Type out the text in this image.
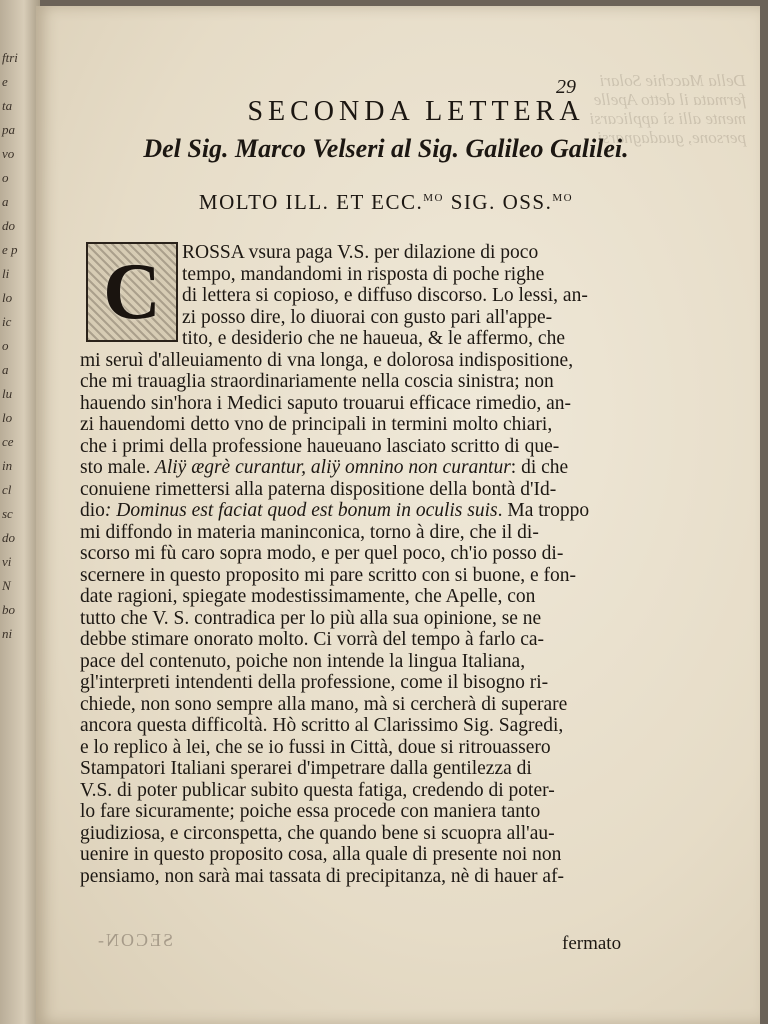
ftri
e
ta
pa
vo
o
a
do
e p
li
lo
ic
o
a
lu
lo
ce
in
cl
sc
do
vi
N
bo
ni
Della Macchie Solari
fermata il detto Apelle
mente alli sì applicarsi
persone, guadagnarsi

29

SECONDA LETTERA
Del Sig. Marco Velseri al Sig. Galileo Galilei.

MOLTO ILL. ET ECC.$^{MO}$ SIG. OSS.$^{MO}$

C	ROSSA vsura paga V.S. per dilazione di poco
tempo, mandandomi in risposta di poche righe
di lettera si copioso, e diffuso discorso. Lo lessi, an-
zi posso dire, lo diuorai con gusto pari all'appe-
tito, e desiderio che ne haueua, & le affermo, che
mi seruì d'alleuiamento di vna longa, e dolorosa indispositione,
che mi trauaglia straordinariamente nella coscia sinistra; non
hauendo sin'hora i Medici saputo trouarui efficace rimedio, an-
zi hauendomi detto vno de principali in termini molto chiari,
che i primi della professione haueuano lasciato scritto di que-
sto male. Aliÿ ægrè curantur, aliÿ omnino non curantur: di che
conuiene rimettersi alla paterna dispositione della bontà d'Id-
dio: Dominus est faciat quod est bonum in oculis suis. Ma troppo
mi diffondo in materia maninconica, torno à dire, che il di-
scorso mi fù caro sopra modo, e per quel poco, ch'io posso di-
scernere in questo proposito mi pare scritto con si buone, e fon-
date ragioni, spiegate modestissimamente, che Apelle, con
tutto che V. S. contradica per lo più alla sua opinione, se ne
debbe stimare onorato molto. Ci vorrà del tempo à farlo ca-
pace del contenuto, poiche non intende la lingua Italiana,
gl'interpreti intendenti della professione, come il bisogno ri-
chiede, non sono sempre alla mano, mà si cercherà di superare
ancora questa difficoltà. Hò scritto al Clarissimo Sig. Sagredi,
e lo replico à lei, che se io fussi in Città, doue si ritrouassero
Stampatori Italiani sperarei d'impetrare dalla gentilezza di
V.S. di poter publicar subito questa fatiga, credendo di poter-
lo fare sicuramente; poiche essa procede con maniera tanto
giudiziosa, e circonspetta, che quando bene si scuopra all'au-
uenire in questo proposito cosa, alla quale di presente noi non
pensiamo, non sarà mai tassata di precipitanza, nè di hauer af-

SECON-	fermato
